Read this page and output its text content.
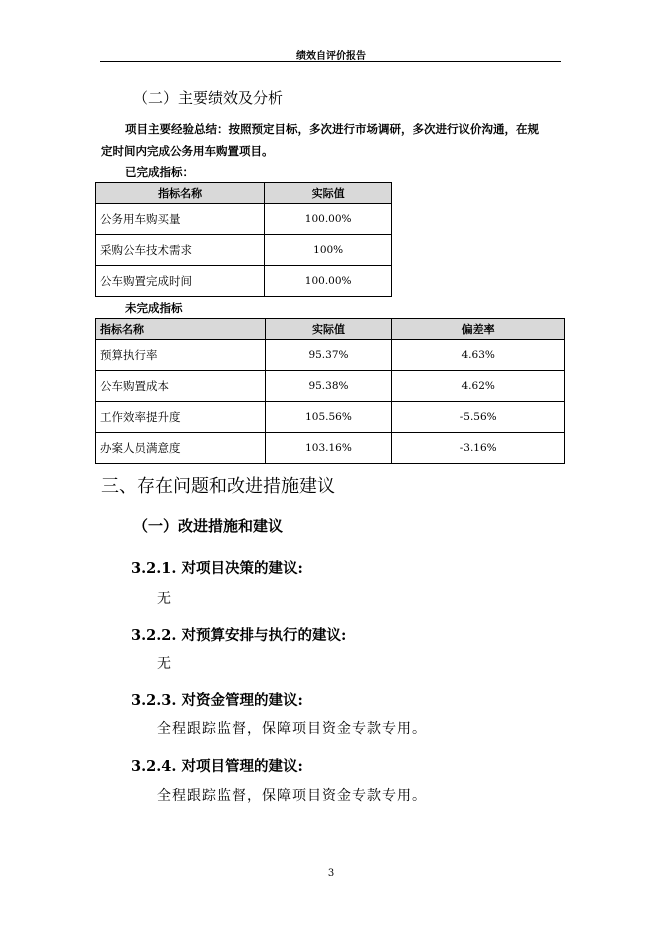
绩效自评价报告
（二）主要绩效及分析
项目主要经验总结：按照预定目标，多次进行市场调研，多次进行议价沟通，在规
定时间内完成公务用车购置项目。
已完成指标：
指标名称	实际值
公务用车购买量	100.00%
采购公车技术需求	100%
公车购置完成时间	100.00%
未完成指标
指标名称	实际值	偏差率
预算执行率	95.37%	4.63%
公车购置成本	95.38%	4.62%
工作效率提升度	105.56%	-5.56%
办案人员满意度	103.16%	-3.16%
三、存在问题和改进措施建议
（一）改进措施和建议
3.2.1. 对项目决策的建议:
无
3.2.2. 对预算安排与执行的建议:
无
3.2.3. 对资金管理的建议:
全程跟踪监督，保障项目资金专款专用。
3.2.4. 对项目管理的建议:
全程跟踪监督，保障项目资金专款专用。
3
